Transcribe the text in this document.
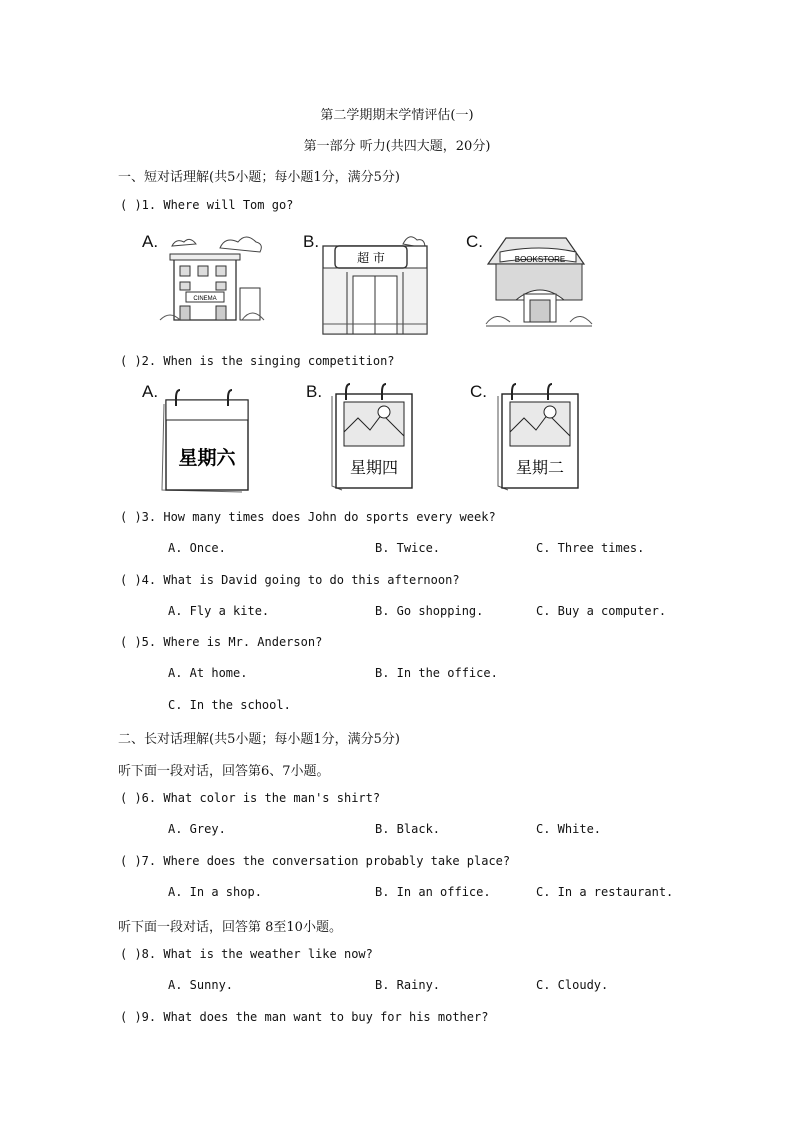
第二学期期末学情评估(一)
第一部分 听力(共四大题，20分)
一、短对话理解(共5小题；每小题1分，满分5分)
( )1. Where will Tom go?
A.	B.	C.
CINEMA
超 市	BOOKSTORE
( )2. When is the singing competition?
A.	B.	C.
星期六	星期四	星期二
( )3. How many times does John do sports every week?
A. Once.	B. Twice.	C. Three times.
( )4. What is David going to do this afternoon?
A. Fly a kite.	B. Go shopping.	C. Buy a computer.
( )5. Where is Mr. Anderson?
A. At home.	B. In the office.
C. In the school.
二、长对话理解(共5小题；每小题1分，满分5分)
听下面一段对话，回答第6、7小题。
( )6. What color is the man's shirt?
A. Grey.	B. Black.	C. White.
( )7. Where does the conversation probably take place?
A. In a shop.	B. In an office.	C. In a restaurant.
听下面一段对话，回答第 8至10小题。
( )8. What is the weather like now?
A. Sunny.	B. Rainy.	C. Cloudy.
( )9. What does the man want to buy for his mother?
